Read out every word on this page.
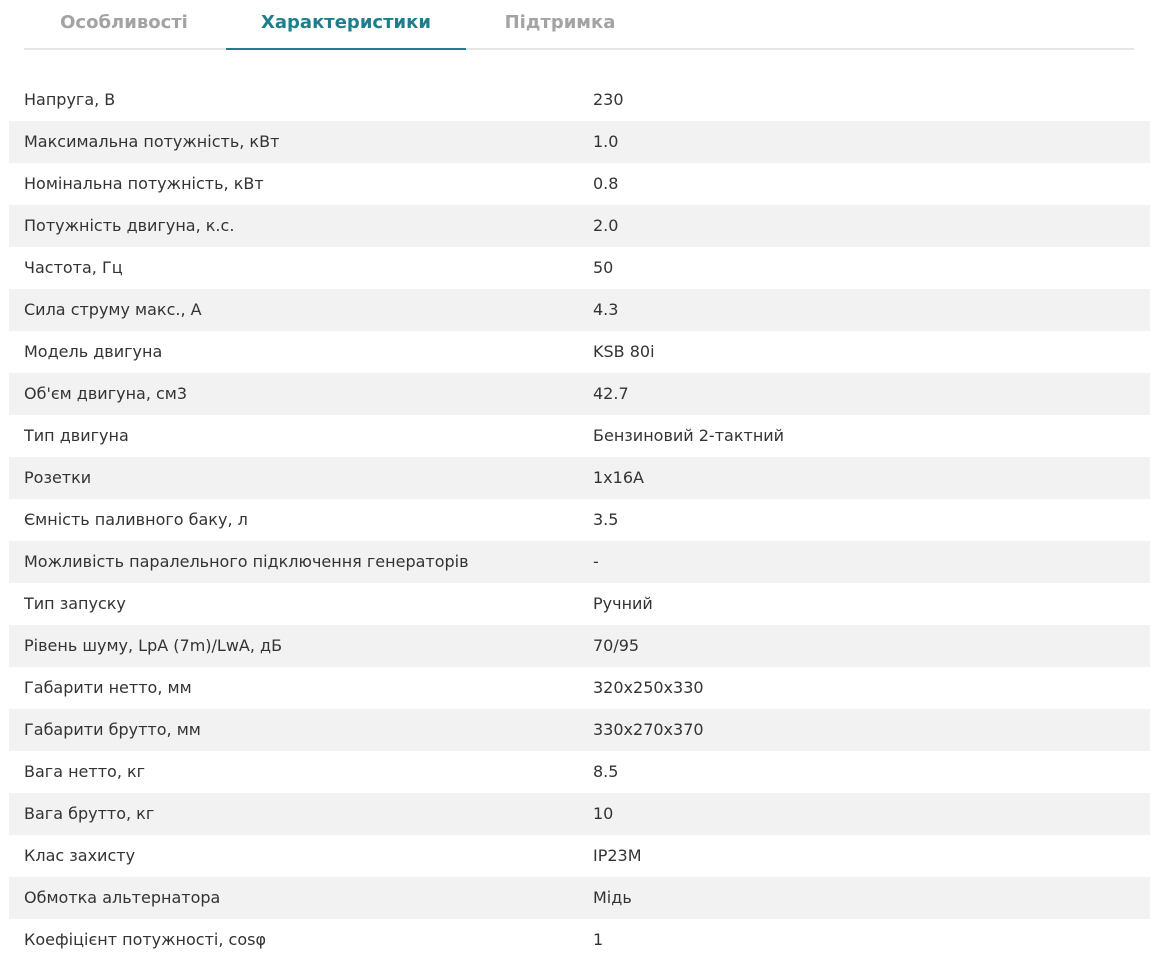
Особливості	Характеристики	Підтримка
Напруга, В	230
Максимальна потужність, кВт	1.0
Номінальна потужність, кВт	0.8
Потужність двигуна, к.с.	2.0
Частота, Гц	50
Сила струму макс., А	4.3
Модель двигуна	KSB 80i
Об'єм двигуна, см3	42.7
Тип двигуна	Бензиновий 2-тактний
Розетки	1x16A
Ємність паливного баку, л	3.5
Можливість паралельного підключення генераторів	-
Тип запуску	Ручний
Рівень шуму, LpA (7m)/LwA, дБ	70/95
Габарити нетто, мм	320x250x330
Габарити брутто, мм	330x270x370
Вага нетто, кг	8.5
Вага брутто, кг	10
Клас захисту	IP23M
Обмотка альтернатора	Мідь
Коефіцієнт потужності, cosφ	1
